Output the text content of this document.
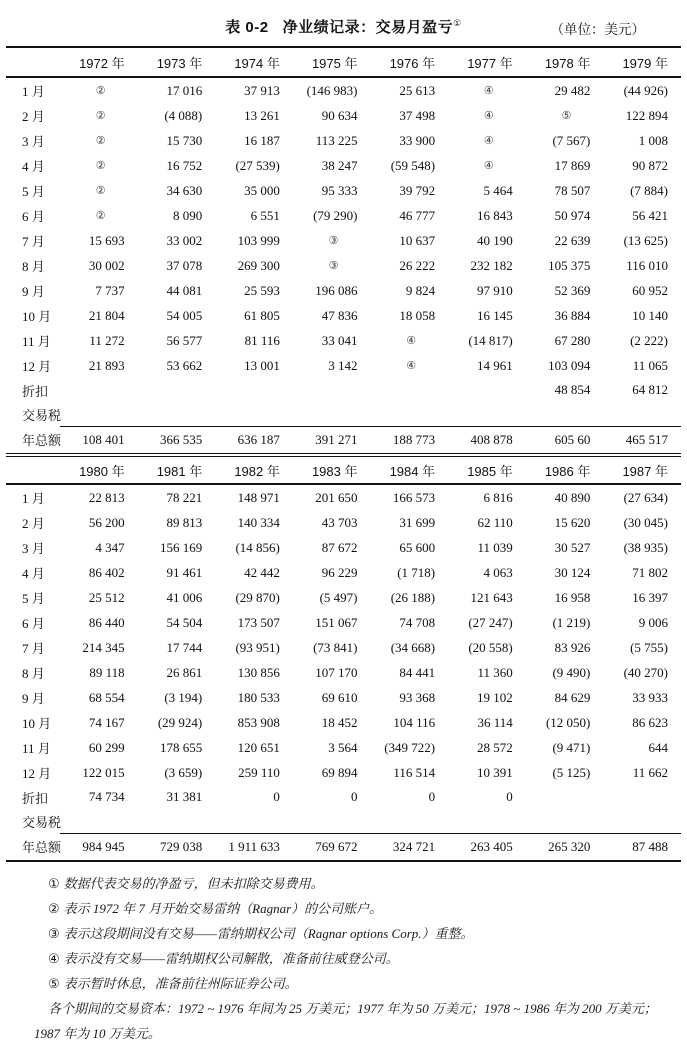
表 0-2 净业绩记录：交易月盈亏①	（单位：美元）
	1972 年	1973 年	1974 年	1975 年	1976 年	1977 年	1978 年	1979 年
1 月	②	17 016	37 913	(146 983)	25 613	④	29 482	(44 926)
2 月	②	(4 088)	13 261	90 634	37 498	④	⑤	122 894
3 月	②	15 730	16 187	113 225	33 900	④	(7 567)	1 008
4 月	②	16 752	(27 539)	38 247	(59 548)	④	17 869	90 872
5 月	②	34 630	35 000	95 333	39 792	5 464	78 507	(7 884)
6 月	②	8 090	6 551	(79 290)	46 777	16 843	50 974	56 421
7 月	15 693	33 002	103 999	③	10 637	40 190	22 639	(13 625)
8 月	30 002	37 078	269 300	③	26 222	232 182	105 375	116 010
9 月	7 737	44 081	25 593	196 086	9 824	97 910	52 369	60 952
10 月	21 804	54 005	61 805	47 836	18 058	16 145	36 884	10 140
11 月	11 272	56 577	81 116	33 041	④	(14 817)	67 280	(2 222)
12 月	21 893	53 662	13 001	3 142	④	14 961	103 094	11 065
折扣							48 854	64 812
交易税								
年总额	108 401	366 535	636 187	391 271	188 773	408 878	605 60	465 517
	1980 年	1981 年	1982 年	1983 年	1984 年	1985 年	1986 年	1987 年
1 月	22 813	78 221	148 971	201 650	166 573	6 816	40 890	(27 634)
2 月	56 200	89 813	140 334	43 703	31 699	62 110	15 620	(30 045)
3 月	4 347	156 169	(14 856)	87 672	65 600	11 039	30 527	(38 935)
4 月	86 402	91 461	42 442	96 229	(1 718)	4 063	30 124	71 802
5 月	25 512	41 006	(29 870)	(5 497)	(26 188)	121 643	16 958	16 397
6 月	86 440	54 504	173 507	151 067	74 708	(27 247)	(1 219)	9 006
7 月	214 345	17 744	(93 951)	(73 841)	(34 668)	(20 558)	83 926	(5 755)
8 月	89 118	26 861	130 856	107 170	84 441	11 360	(9 490)	(40 270)
9 月	68 554	(3 194)	180 533	69 610	93 368	19 102	84 629	33 933
10 月	74 167	(29 924)	853 908	18 452	104 116	36 114	(12 050)	86 623
11 月	60 299	178 655	120 651	3 564	(349 722)	28 572	(9 471)	644
12 月	122 015	(3 659)	259 110	69 894	116 514	10 391	(5 125)	11 662
折扣	74 734	31 381	0	0	0	0		
交易税								
年总额	984 945	729 038	1 911 633	769 672	324 721	263 405	265 320	87 488

① 数据代表交易的净盈亏，但未扣除交易费用。

② 表示 1972 年 7 月开始交易雷纳（Ragnar）的公司账户。

③ 表示这段期间没有交易——雷纳期权公司（Ragnar options Corp.）重整。

④ 表示没有交易——雷纳期权公司解散，准备前往威登公司。

⑤ 表示暂时休息，准备前往州际证券公司。

各个期间的交易资本：1972 ~ 1976 年间为 25 万美元；1977 年为 50 万美元；1978 ~ 1986 年为 200 万美元；1987 年为 10 万美元。
